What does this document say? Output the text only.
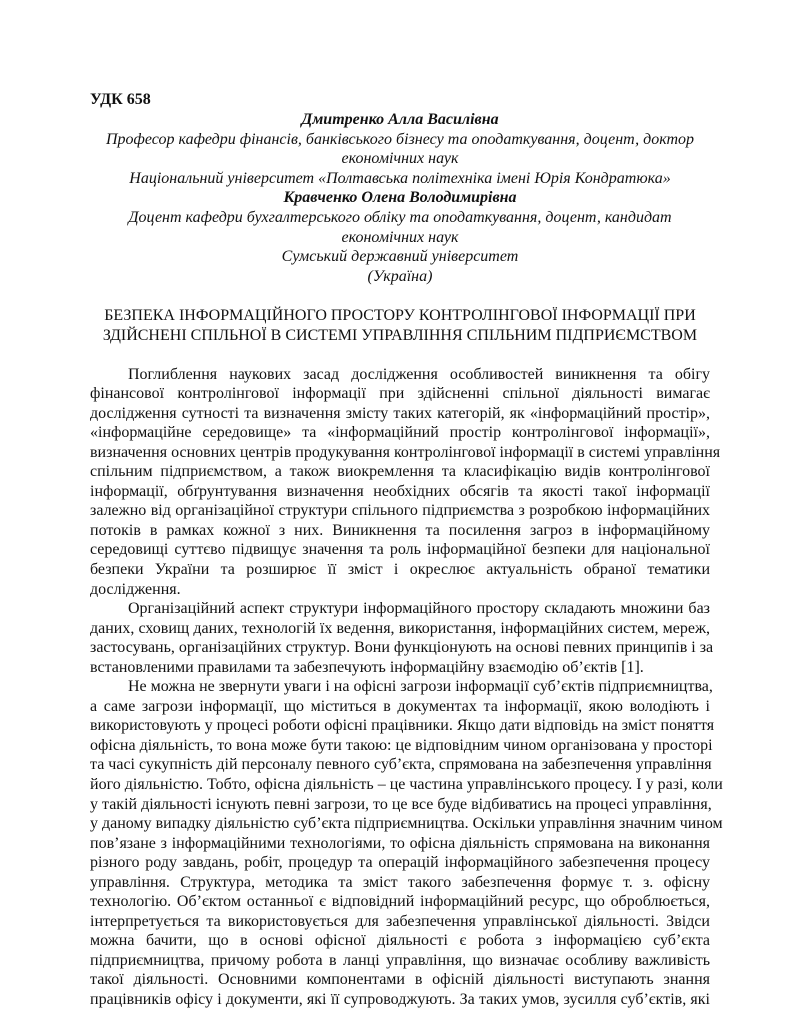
УДК 658
Дмитренко Алла Василівна
Професор кафедри фінансів, банківського бізнесу та оподаткування, доцент, доктор
економічних наук
Національний університет «Полтавська політехніка імені Юрія Кондратюка»
Кравченко Олена Володимирівна
Доцент кафедри бухгалтерського обліку та оподаткування, доцент, кандидат
економічних наук
Сумський державний університет
(Україна)
БЕЗПЕКА ІНФОРМАЦІЙНОГО ПРОСТОРУ КОНТРОЛІНГОВОЇ ІНФОРМАЦІЇ ПРИ
ЗДІЙСНЕНІ СПІЛЬНОЇ В СИСТЕМІ УПРАВЛІННЯ СПІЛЬНИМ ПІДПРИЄМСТВОМ
Поглиблення наукових засад дослідження особливостей виникнення та обігу
фінансової контролінгової інформації при здійсненні спільної діяльності вимагає
дослідження сутності та визначення змісту таких категорій, як «інформаційний простір»,
«інформаційне середовище» та «інформаційний простір контролінгової інформації»,
визначення основних центрів продукування контролінгової інформації в системі управління
спільним підприємством, а також виокремлення та класифікацію видів контролінгової
інформації, обґрунтування визначення необхідних обсягів та якості такої інформації
залежно від організаційної структури спільного підприємства з розробкою інформаційних
потоків в рамках кожної з них. Виникнення та посилення загроз в інформаційному
середовищі суттєво підвищує значення та роль інформаційної безпеки для національної
безпеки України та розширює її зміст і окреслює актуальність обраної тематики
дослідження.
Організаційний аспект структури інформаційного простору складають множини баз
даних, сховищ даних, технологій їх ведення, використання, інформаційних систем, мереж,
застосувань, організаційних структур. Вони функціонують на основі певних принципів і за
встановленими правилами та забезпечують інформаційну взаємодію об’єктів [1].
Не можна не звернути уваги і на офісні загрози інформації суб’єктів підприємництва,
а саме загрози інформації, що міститься в документах та інформації, якою володіють і
використовують у процесі роботи офісні працівники. Якщо дати відповідь на зміст поняття
офісна діяльність, то вона може бути такою: це відповідним чином організована у просторі
та часі сукупність дій персоналу певного суб’єкта, спрямована на забезпечення управління
його діяльністю. Тобто, офісна діяльність – це частина управлінського процесу. І у разі, коли
у такій діяльності існують певні загрози, то це все буде відбиватись на процесі управління,
у даному випадку діяльністю суб’єкта підприємництва. Оскільки управління значним чином
пов’язане з інформаційними технологіями, то офісна діяльність спрямована на виконання
різного роду завдань, робіт, процедур та операцій інформаційного забезпечення процесу
управління. Структура, методика та зміст такого забезпечення формує т. з. офісну
технологію. Об’єктом останньої є відповідний інформаційний ресурс, що оброблюється,
інтерпретується та використовується для забезпечення управлінської діяльності. Звідси
можна бачити, що в основі офісної діяльності є робота з інформацією суб’єкта
підприємництва, причому робота в ланці управління, що визначає особливу важливість
такої діяльності. Основними компонентами в офісній діяльності виступають знання
працівників офісу і документи, які її супроводжують. За таких умов, зусилля суб’єктів, які
